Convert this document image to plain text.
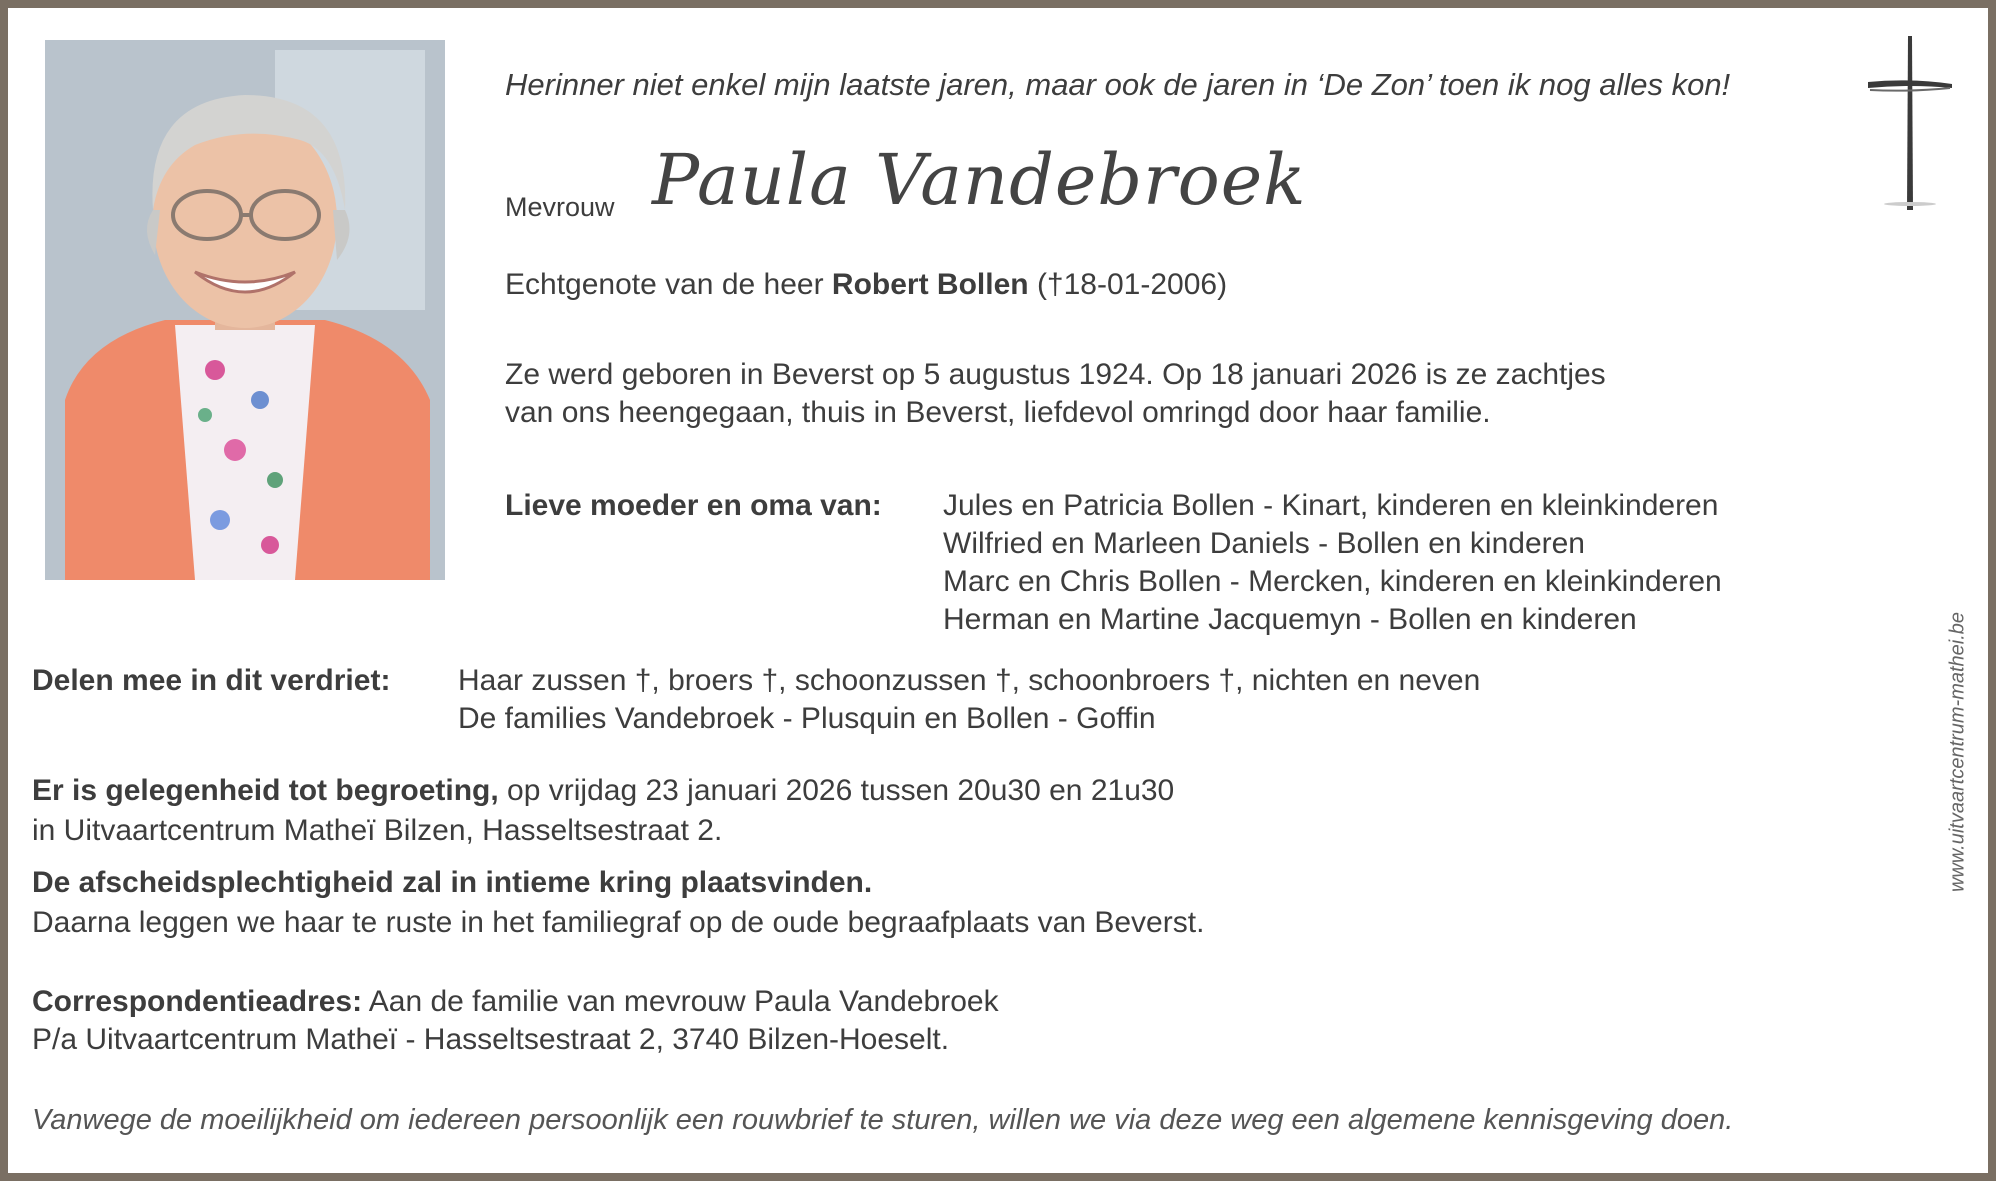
Herinner niet enkel mijn laatste jaren, maar ook de jaren in ‘De Zon’ toen ik nog alles kon!
Mevrouw Paula Vandebroek
Echtgenote van de heer Robert Bollen (†18-01-2006)
Ze werd geboren in Beverst op 5 augustus 1924. Op 18 januari 2026 is ze zachtjes
van ons heengegaan, thuis in Beverst, liefdevol omringd door haar familie.
Lieve moeder en oma van: Jules en Patricia Bollen - Kinart, kinderen en kleinkinderen
Wilfried en Marleen Daniels - Bollen en kinderen
Marc en Chris Bollen - Mercken, kinderen en kleinkinderen
Herman en Martine Jacquemyn - Bollen en kinderen
Delen mee in dit verdriet: Haar zussen †, broers †, schoonzussen †, schoonbroers †, nichten en neven
De families Vandebroek - Plusquin en Bollen - Goffin
Er is gelegenheid tot begroeting, op vrijdag 23 januari 2026 tussen 20u30 en 21u30
in Uitvaartcentrum Matheï Bilzen, Hasseltsestraat 2.
De afscheidsplechtigheid zal in intieme kring plaatsvinden.
Daarna leggen we haar te ruste in het familiegraf op de oude begraafplaats van Beverst.
Correspondentieadres: Aan de familie van mevrouw Paula Vandebroek
P/a Uitvaartcentrum Matheï - Hasseltsestraat 2, 3740 Bilzen-Hoeselt.
Vanwege de moeilijkheid om iedereen persoonlijk een rouwbrief te sturen, willen we via deze weg een algemene kennisgeving doen.
www.uitvaartcentrum-mathei.be
